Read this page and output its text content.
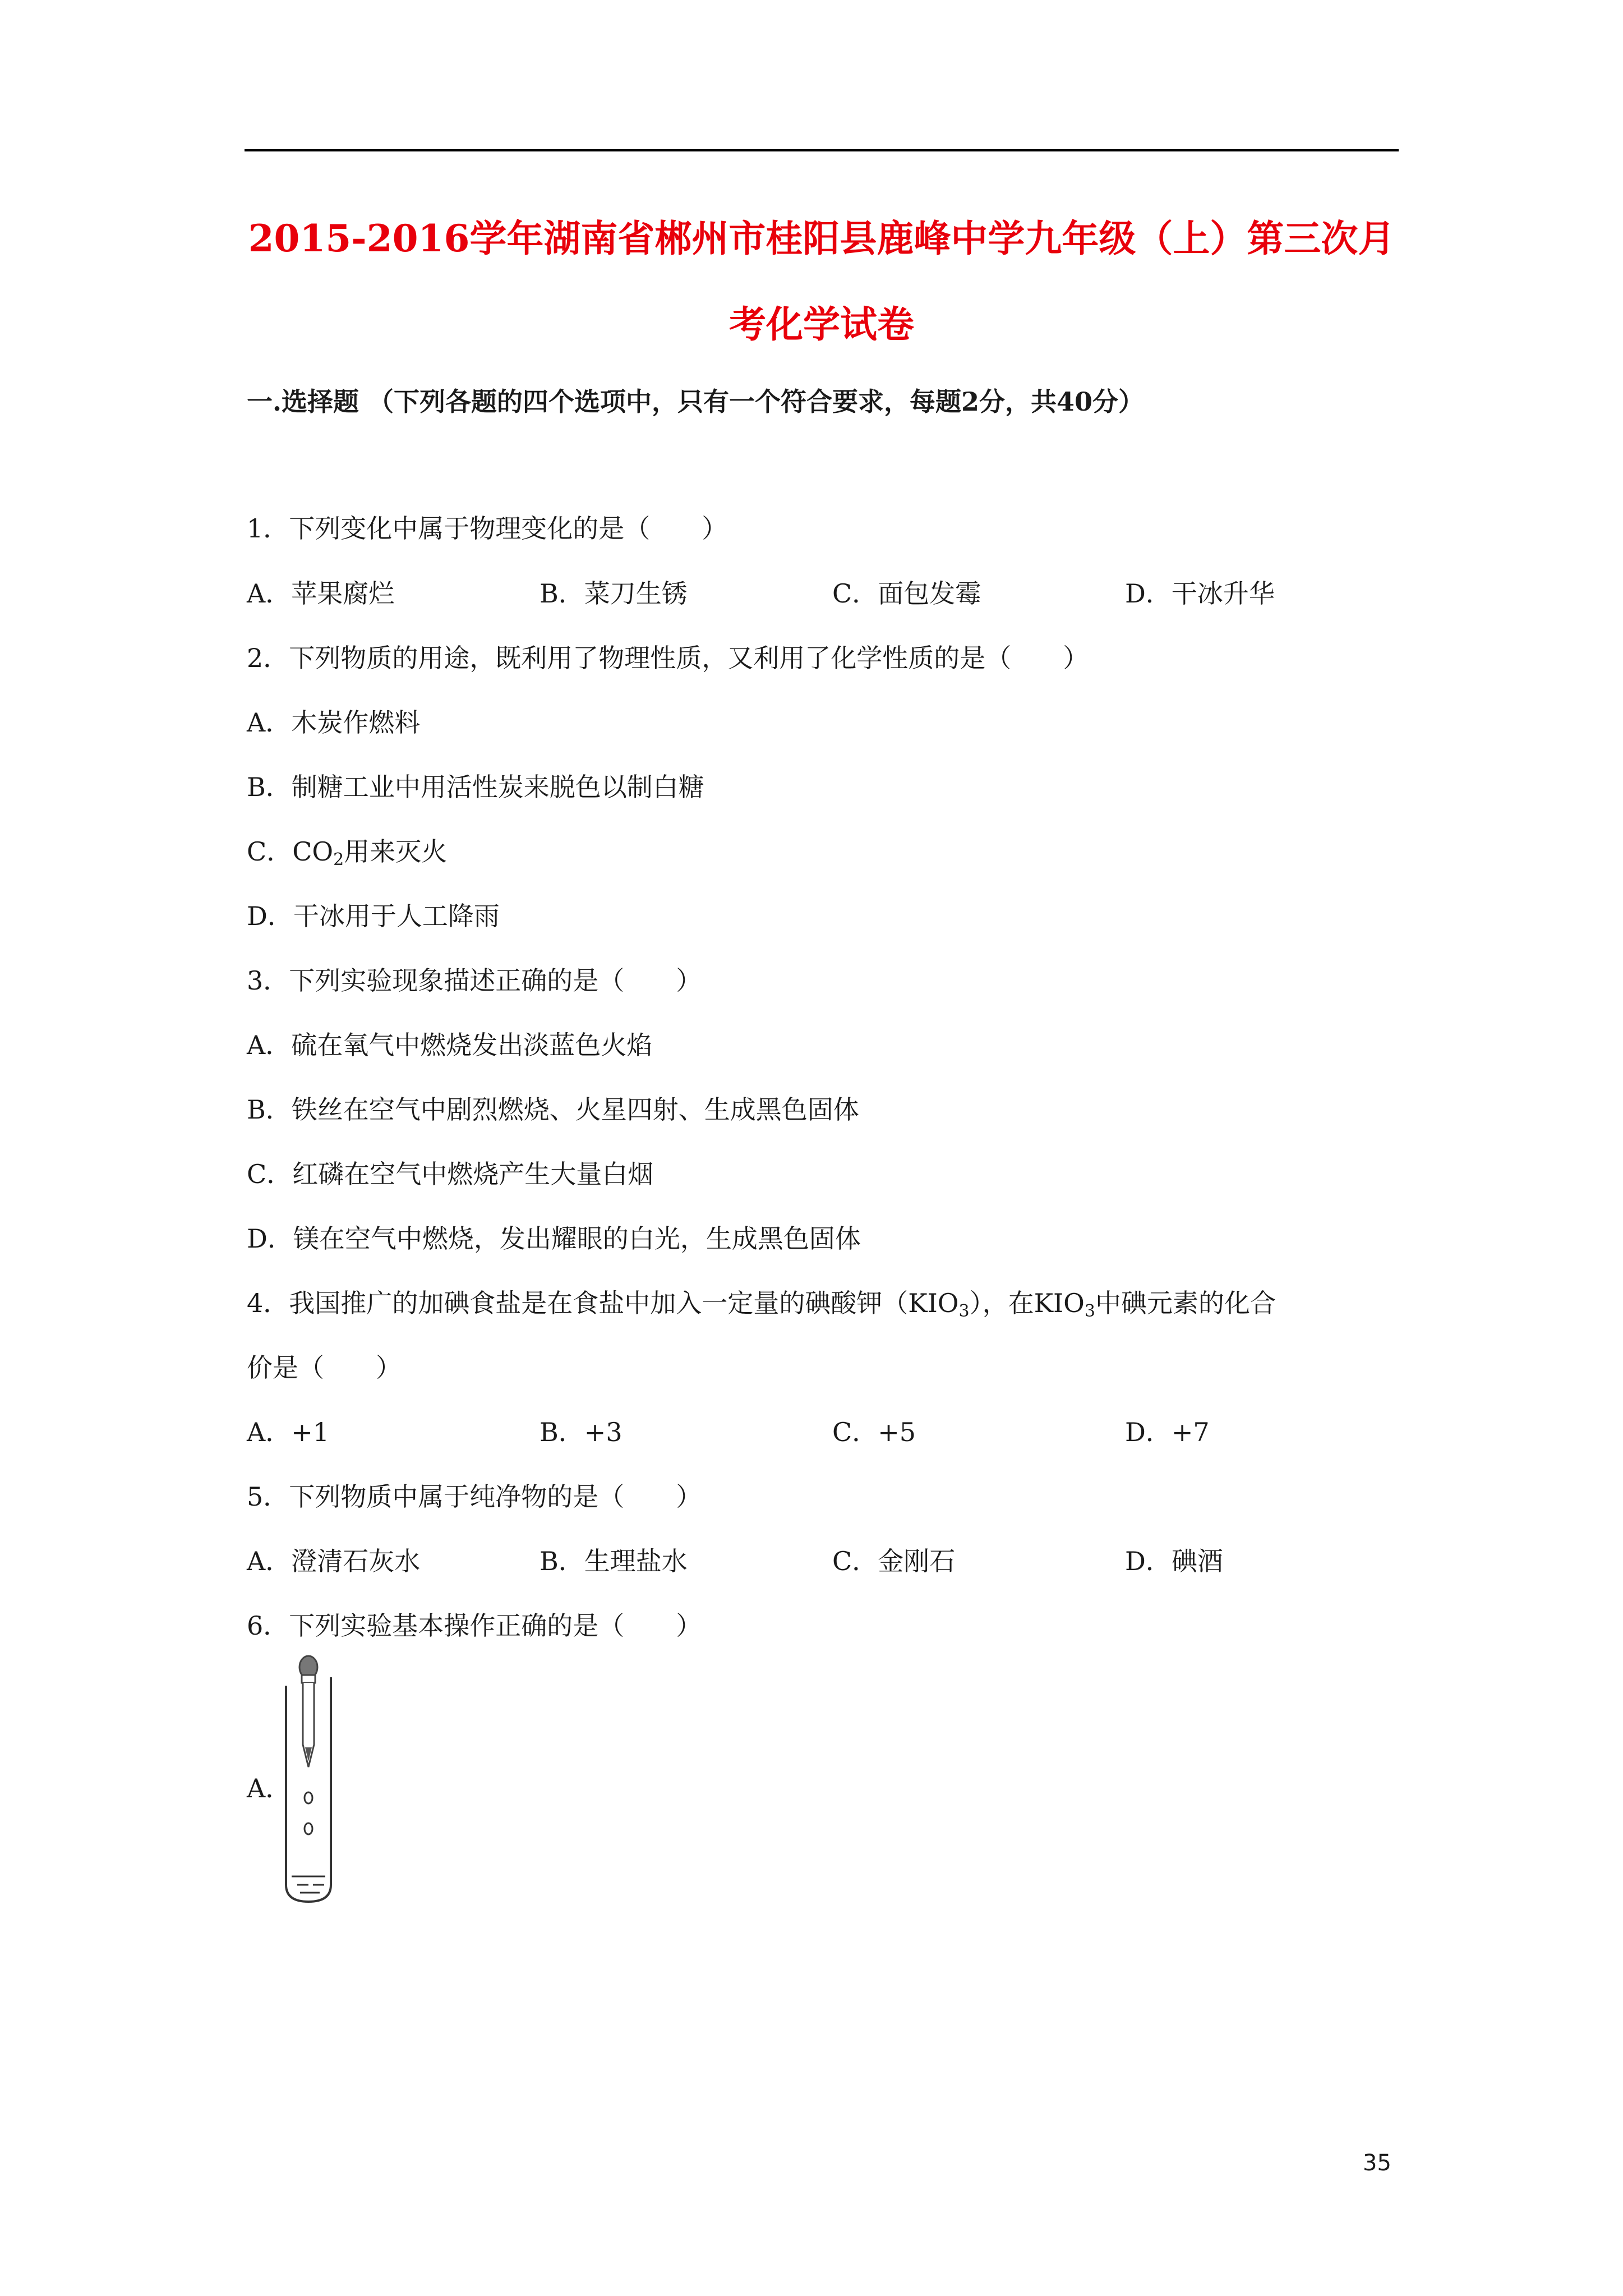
2015-2016学年湖南省郴州市桂阳县鹿峰中学九年级（上）第三次月
考化学试卷
一.选择题 （下列各题的四个选项中，只有一个符合要求，每题2分，共40分）
1．下列变化中属于物理变化的是（　　）
A．苹果腐烂	B．菜刀生锈	C．面包发霉	D．干冰升华
2．下列物质的用途，既利用了物理性质，又利用了化学性质的是（　　）
A．木炭作燃料
B．制糖工业中用活性炭来脱色以制白糖
C．$CO_2$用来灭火
D．干冰用于人工降雨
3．下列实验现象描述正确的是（　　）
A．硫在氧气中燃烧发出淡蓝色火焰
B．铁丝在空气中剧烈燃烧、火星四射、生成黑色固体
C．红磷在空气中燃烧产生大量白烟
D．镁在空气中燃烧，发出耀眼的白光，生成黑色固体
4．我国推广的加碘食盐是在食盐中加入一定量的碘酸钾$(KIO_3)$，在$KIO_3$中碘元素的化合
价是（　　）
A．+1	B．+3	C．+5	D．+7
5．下列物质中属于纯净物的是（　　）
A．澄清石灰水	B．生理盐水	C．金刚石	D．碘酒
6．下列实验基本操作正确的是（　　）
A．
35
